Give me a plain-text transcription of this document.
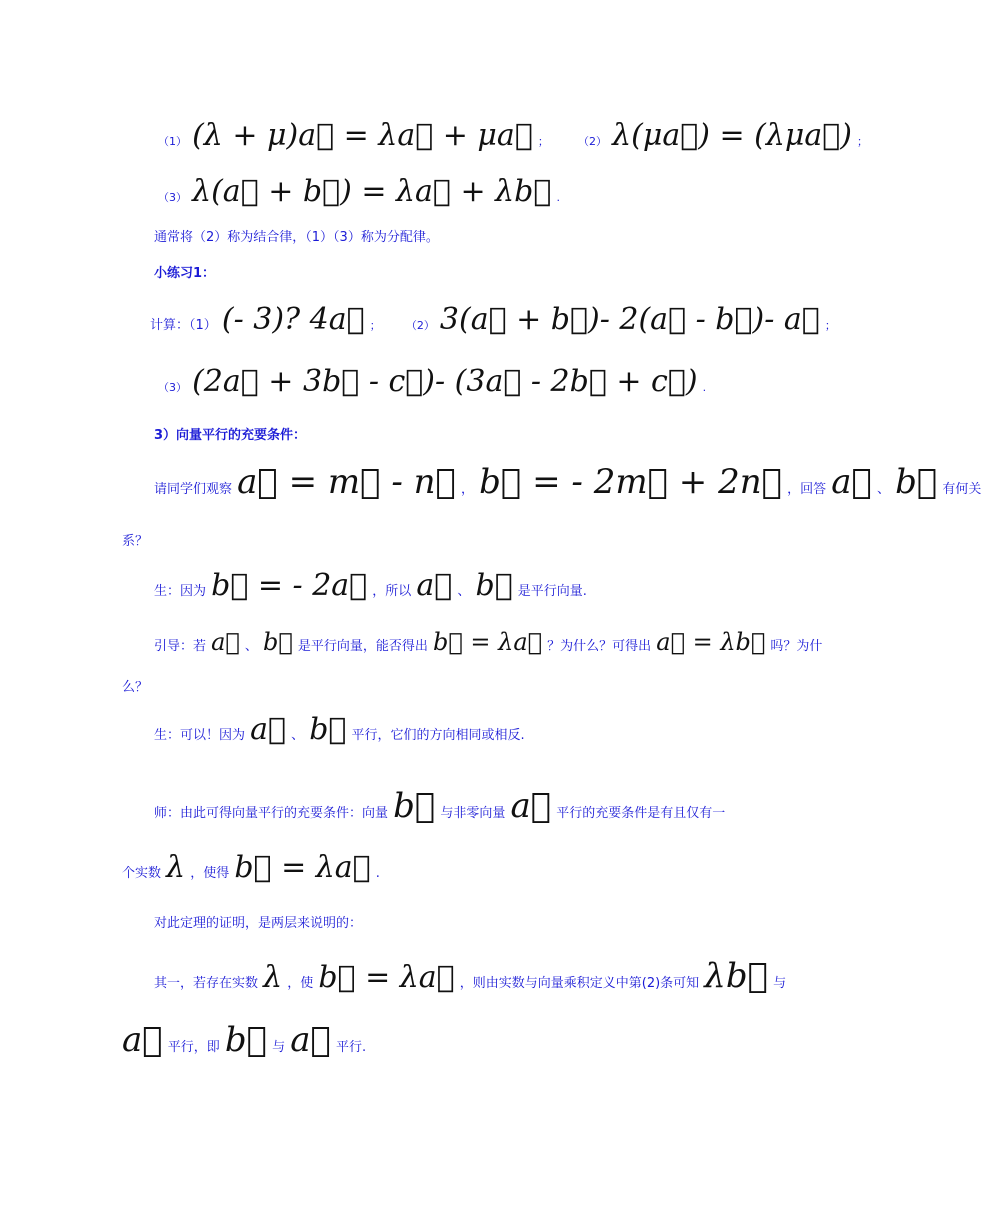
（1） (λ + μ)a⃗ = λa⃗ + μa⃗ ；	（2） λ(μa⃗) = (λμa⃗) ；
（3） λ(a⃗ + b⃗) = λa⃗ + λb⃗ .
通常将（2）称为结合律，（1）（3）称为分配律。
小练习1：
计算：（1） (- 3)? 4a⃗ ； （2） 3(a⃗ + b⃗)- 2(a⃗ - b⃗)- a⃗ ；
（3） (2a⃗ + 3b⃗ - c⃗)- (3a⃗ - 2b⃗ + c⃗) .
3）向量平行的充要条件：
请同学们观察 a⃗ = m⃗ - n⃗ ， b⃗ = - 2m⃗ + 2n⃗ ，回答 a⃗ 、 b⃗ 有何关
系？
生：因为 b⃗ = - 2a⃗ ，所以 a⃗ 、 b⃗ 是平行向量.
引导：若 a⃗ 、 b⃗ 是平行向量，能否得出 b⃗ = λa⃗ ？为什么？可得出 a⃗ = λb⃗ 吗？为什
么？
生：可以！因为 a⃗ 、 b⃗ 平行，它们的方向相同或相反.
师：由此可得向量平行的充要条件：向量 b⃗ 与非零向量 a⃗ 平行的充要条件是有且仅有一
个实数 λ ，使得 b⃗ = λa⃗ .
对此定理的证明，是两层来说明的：
其一，若存在实数 λ ，使 b⃗ = λa⃗ ，则由实数与向量乘积定义中第(2)条可知 λb⃗ 与
a⃗ 平行，即 b⃗ 与 a⃗ 平行.
